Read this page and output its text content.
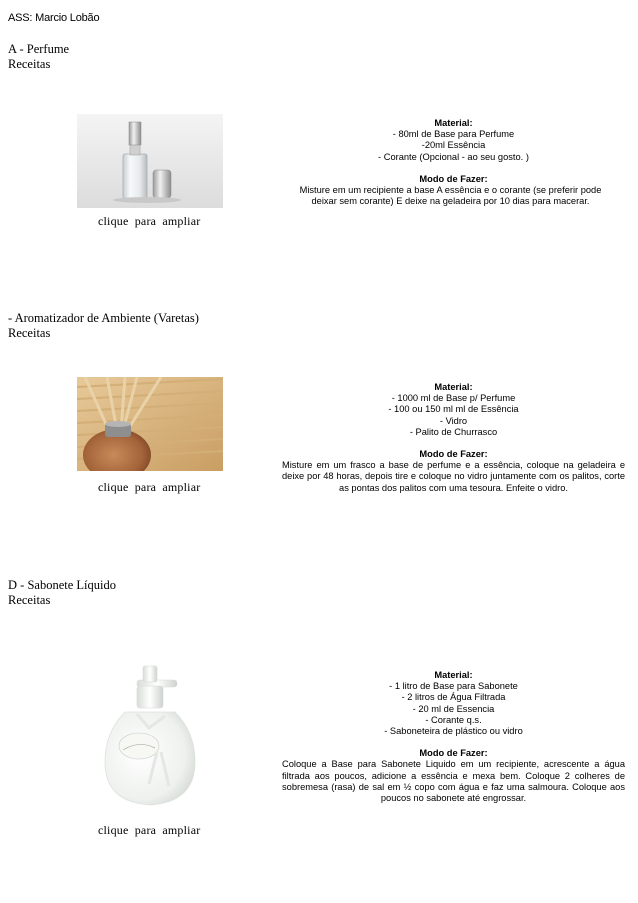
ASS: Marcio Lobão
A - Perfume
Receitas
clique para ampliar
Material:
- 80ml de Base para Perfume
-20ml Essência
- Corante (Opcional - ao seu gosto. )
Modo de Fazer:
Misture em um recipiente a base A essência e o corante (se preferir pode deixar sem corante) E deixe na geladeira por 10 dias para macerar.
- Aromatizador de Ambiente (Varetas)
Receitas
clique para ampliar
Material:
- 1000 ml de Base p/ Perfume
- 100 ou 150 ml ml de Essência
- Vidro
- Palito de Churrasco
Modo de Fazer:
Misture em um frasco a base de perfume e a essência, coloque na geladeira e deixe por 48 horas, depois tire e coloque no vidro juntamente com os palitos, corte as pontas dos palitos com uma tesoura. Enfeite o vidro.
D - Sabonete Líquido
Receitas
clique para ampliar
Material:
- 1 litro de Base para Sabonete
- 2 litros de Água Filtrada
- 20 ml de Essencia
- Corante q.s.
- Saboneteira de plástico ou vidro
Modo de Fazer:
Coloque a Base para Sabonete Liquido em um recipiente, acrescente a água filtrada aos poucos, adicione a essência e mexa bem. Coloque 2 colheres de sobremesa (rasa) de sal em ½ copo com água e faz uma salmoura. Coloque aos poucos no sabonete até engrossar.
